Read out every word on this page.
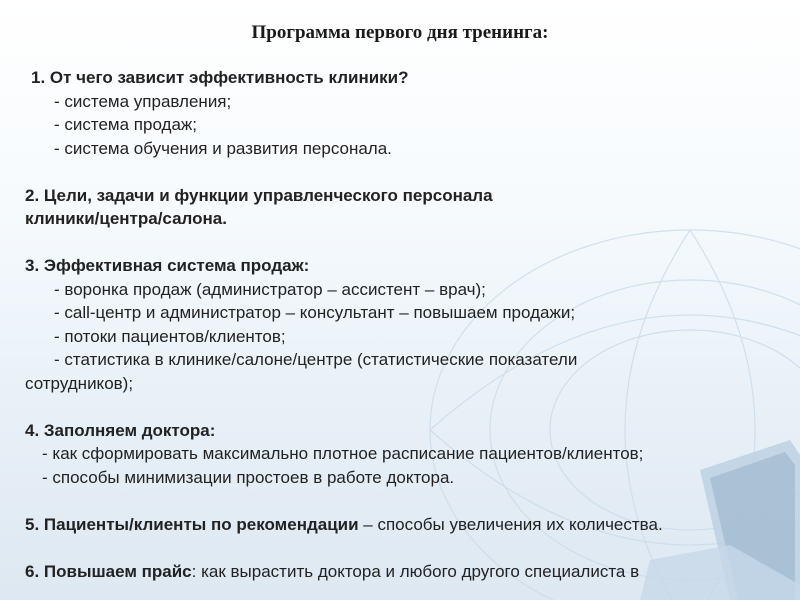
Программа первого дня тренинга:
1. От чего зависит эффективность клиники?
- система управления;
- система продаж;
- система обучения и развития персонала.
2. Цели, задачи и функции управленческого персонала
клиники/центра/салона.
3. Эффективная система продаж:
- воронка продаж (администратор – ассистент – врач);
- call-центр и администратор – консультант – повышаем продажи;
- потоки пациентов/клиентов;
- статистика в клинике/салоне/центре (статистические показатели
сотрудников);
4. Заполняем доктора:
- как сформировать максимально плотное расписание пациентов/клиентов;
- способы минимизации простоев в работе доктора.
5. Пациенты/клиенты по рекомендации – способы увеличения их количества.
6. Повышаем прайс: как вырастить доктора и любого другого специалиста в
